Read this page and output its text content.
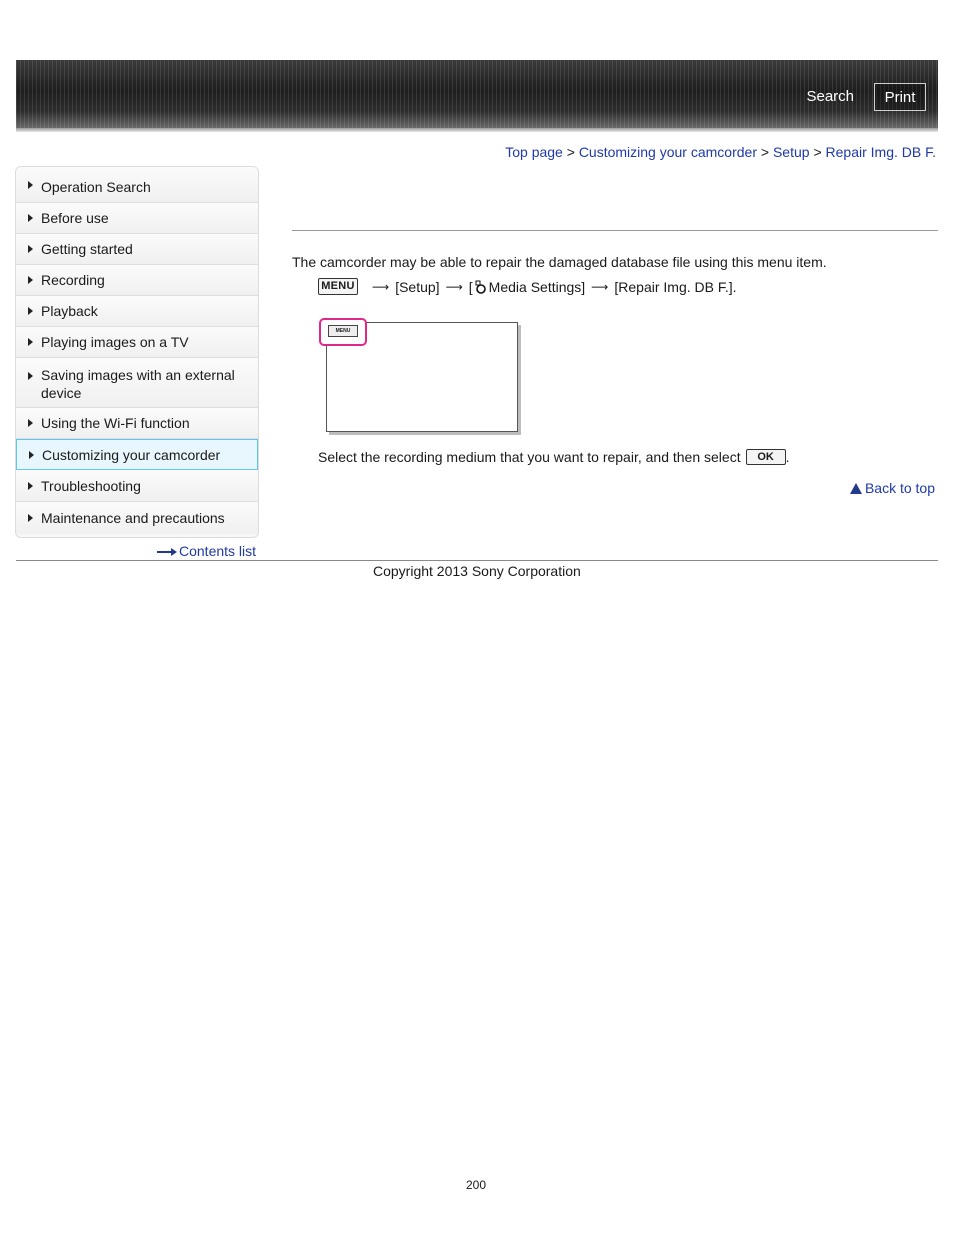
Search	Print
Top page > Customizing your camcorder > Setup > Repair Img. DB F.
Operation Search
Before use
Getting started
Recording
Playback
Playing images on a TV
Saving images with an external device
Using the Wi-Fi function
Customizing your camcorder
Troubleshooting
Maintenance and precautions
Contents list
The camcorder may be able to repair the damaged database file using this menu item.
MENU ⟶ [Setup] ⟶ [ Media Settings] ⟶ [Repair Img. DB F.].
MENU
Select the recording medium that you want to repair, and then select	OK .
Back to top
Copyright 2013 Sony Corporation
200
